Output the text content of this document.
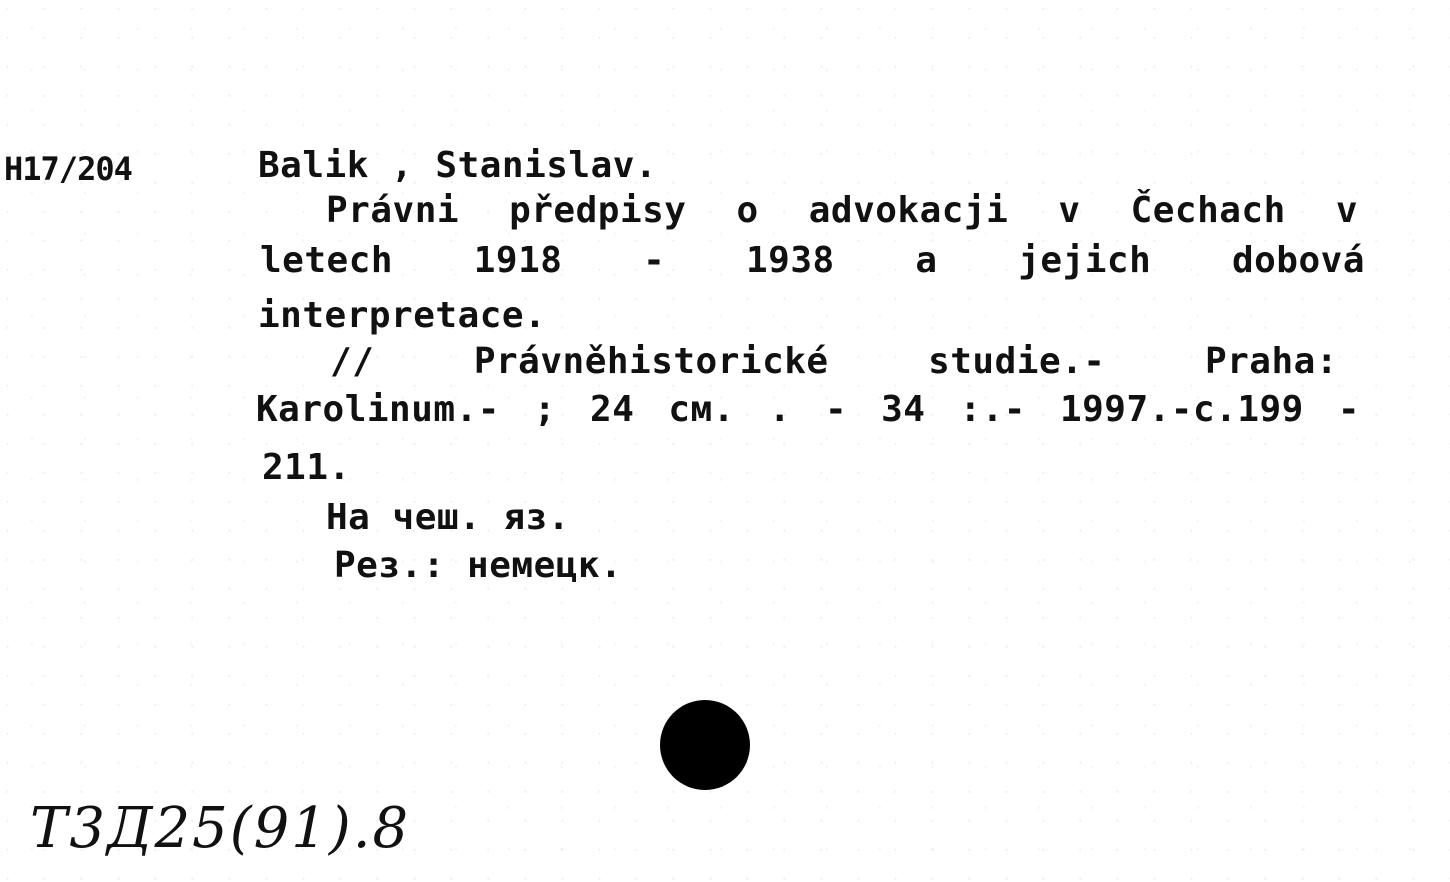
H17/204	Balik , Stanislav.
Právni předpisy o advokacji v Čechach v
letech 1918 - 1938 a jejich dobová
interpretace.
// Právněhistorické studie.- Praha:
Karolinum.- ; 24 см. . - 34 :.- 1997.-c.199 -
211.
На чеш. яз.
Рез.: немецк.
Т3Д25(91).8
